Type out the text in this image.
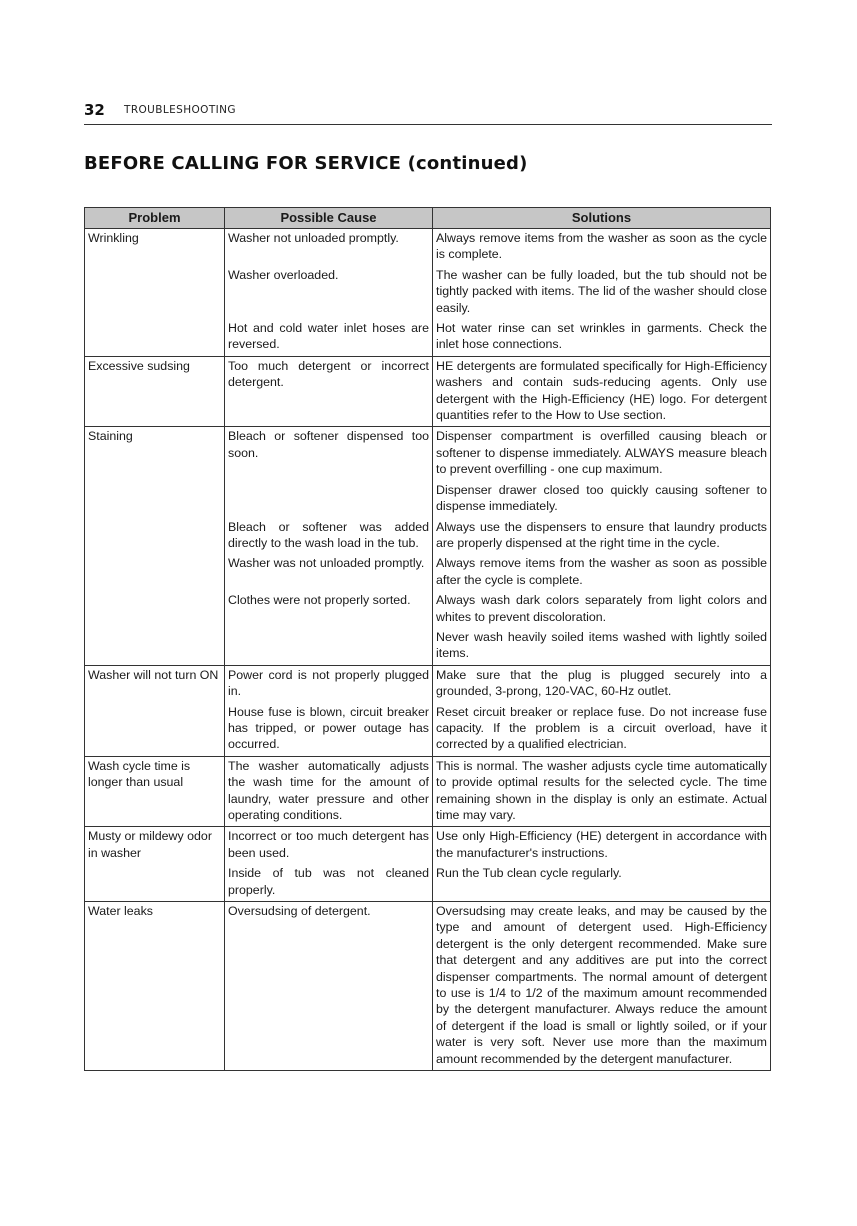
32 TROUBLESHOOTING
BEFORE CALLING FOR SERVICE (continued)
Problem	Possible Cause	Solutions
Wrinkling	Washer not unloaded promptly.	Always remove items from the washer as soon as the cycle is complete.
	Washer overloaded.	The washer can be fully loaded, but the tub should not be tightly packed with items. The lid of the washer should close easily.
	Hot and cold water inlet hoses are reversed.	Hot water rinse can set wrinkles in garments. Check the inlet hose connections.
Excessive sudsing	Too much detergent or incorrect detergent.	HE detergents are formulated specifically for High-Efficiency washers and contain suds-reducing agents. Only use detergent with the High-Efficiency (HE) logo. For detergent quantities refer to the How to Use section.
Staining	Bleach or softener dispensed too soon.	Dispenser compartment is overfilled causing bleach or softener to dispense immediately. ALWAYS measure bleach to prevent overfilling - one cup maximum.
		Dispenser drawer closed too quickly causing softener to dispense immediately.
	Bleach or softener was added directly to the wash load in the tub.	Always use the dispensers to ensure that laundry products are properly dispensed at the right time in the cycle.
	Washer was not unloaded promptly.	Always remove items from the washer as soon as possible after the cycle is complete.
	Clothes were not properly sorted.	Always wash dark colors separately from light colors and whites to prevent discoloration.
		Never wash heavily soiled items washed with lightly soiled items.
Washer will not turn ON	Power cord is not properly plugged in.	Make sure that the plug is plugged securely into a grounded, 3-prong, 120-VAC, 60-Hz outlet.
	House fuse is blown, circuit breaker has tripped, or power outage has occurred.	Reset circuit breaker or replace fuse. Do not increase fuse capacity. If the problem is a circuit overload, have it corrected by a qualified electrician.
Wash cycle time is longer than usual	The washer automatically adjusts the wash time for the amount of laundry, water pressure and other operating conditions.	This is normal. The washer adjusts cycle time automatically to provide optimal results for the selected cycle. The time remaining shown in the display is only an estimate. Actual time may vary.
Musty or mildewy odor in washer	Incorrect or too much detergent has been used.	Use only High-Efficiency (HE) detergent in accordance with the manufacturer's instructions.
	Inside of tub was not cleaned properly.	Run the Tub clean cycle regularly.
Water leaks	Oversudsing of detergent.	Oversudsing may create leaks, and may be caused by the type and amount of detergent used. High-Efficiency detergent is the only detergent recommended. Make sure that detergent and any additives are put into the correct dispenser compartments. The normal amount of detergent to use is 1/4 to 1/2 of the maximum amount recommended by the detergent manufacturer. Always reduce the amount of detergent if the load is small or lightly soiled, or if your water is very soft. Never use more than the maximum amount recommended by the detergent manufacturer.
